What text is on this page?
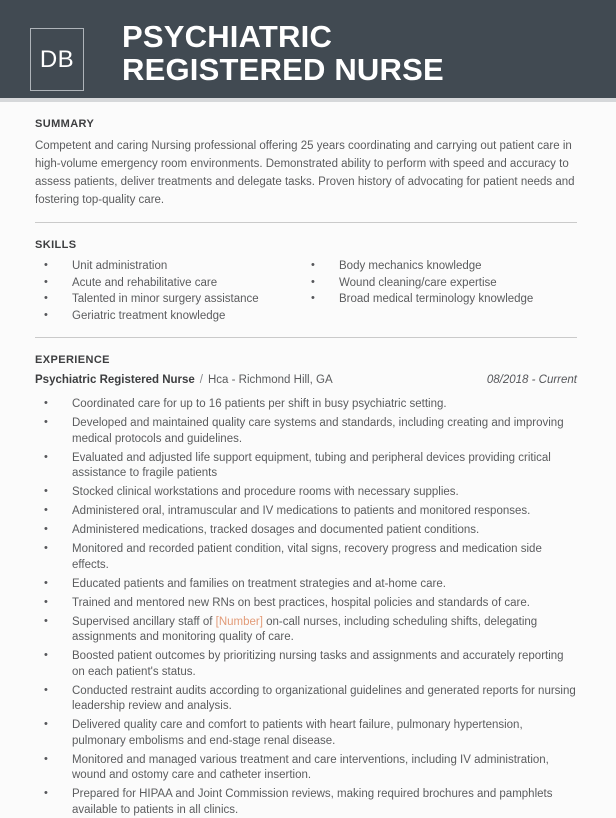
DB
PSYCHIATRIC
REGISTERED NURSE
SUMMARY
Competent and caring Nursing professional offering 25 years coordinating and carrying out patient care in high-volume emergency room environments. Demonstrated ability to perform with speed and accuracy to assess patients, deliver treatments and delegate tasks. Proven history of advocating for patient needs and fostering top-quality care.
SKILLS
• Unit administration
• Acute and rehabilitative care
• Talented in minor surgery assistance
• Geriatric treatment knowledge
• Body mechanics knowledge
• Wound cleaning/care expertise
• Broad medical terminology knowledge
EXPERIENCE
Psychiatric Registered Nurse / Hca - Richmond Hill, GA	08/2018 - Current
• Coordinated care for up to 16 patients per shift in busy psychiatric setting.
• Developed and maintained quality care systems and standards, including creating and improving medical protocols and guidelines.
• Evaluated and adjusted life support equipment, tubing and peripheral devices providing critical assistance to fragile patients
• Stocked clinical workstations and procedure rooms with necessary supplies.
• Administered oral, intramuscular and IV medications to patients and monitored responses.
• Administered medications, tracked dosages and documented patient conditions.
• Monitored and recorded patient condition, vital signs, recovery progress and medication side effects.
• Educated patients and families on treatment strategies and at-home care.
• Trained and mentored new RNs on best practices, hospital policies and standards of care.
• Supervised ancillary staff of [Number] on-call nurses, including scheduling shifts, delegating assignments and monitoring quality of care.
• Boosted patient outcomes by prioritizing nursing tasks and assignments and accurately reporting on each patient's status.
• Conducted restraint audits according to organizational guidelines and generated reports for nursing leadership review and analysis.
• Delivered quality care and comfort to patients with heart failure, pulmonary hypertension, pulmonary embolisms and end-stage renal disease.
• Monitored and managed various treatment and care interventions, including IV administration, wound and ostomy care and catheter insertion.
• Prepared for HIPAA and Joint Commission reviews, making required brochures and pamphlets available to patients in all clinics.
